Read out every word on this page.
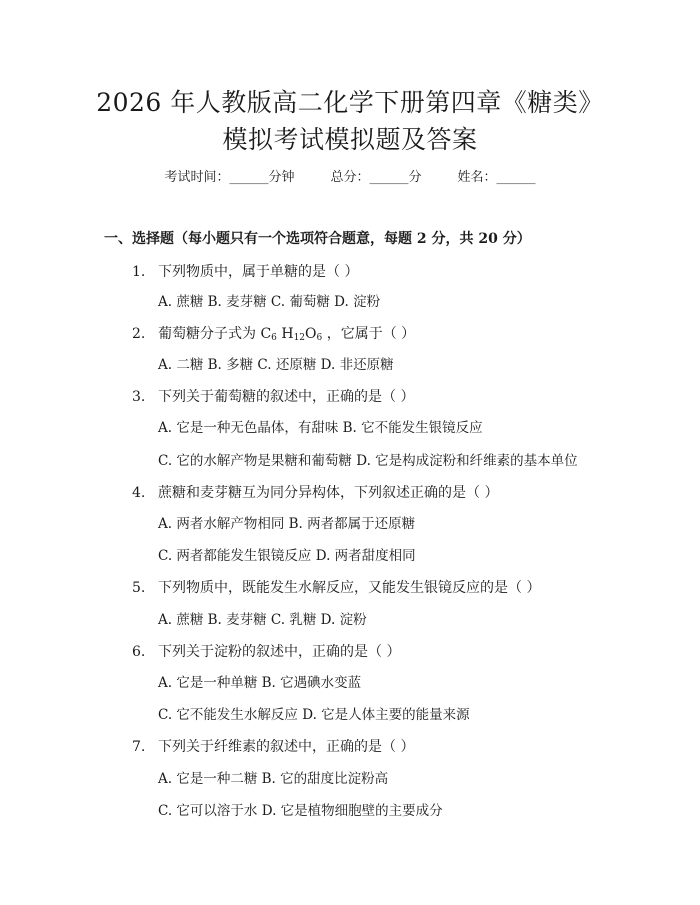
2026 年人教版高二化学下册第四章《糖类》
模拟考试模拟题及答案
考试时间：______分钟	总分：______分	姓名：______
一、选择题（每小题只有一个选项符合题意，每题 2 分，共 20 分）
1. 下列物质中，属于单糖的是（ ）
A. 蔗糖 B. 麦芽糖 C. 葡萄糖 D. 淀粉
2. 葡萄糖分子式为 $C_6$ $H_{12}O_6$ ，它属于（ ）
A. 二糖 B. 多糖 C. 还原糖 D. 非还原糖
3. 下列关于葡萄糖的叙述中，正确的是（ ）
A. 它是一种无色晶体，有甜味 B. 它不能发生银镜反应
C. 它的水解产物是果糖和葡萄糖 D. 它是构成淀粉和纤维素的基本单位
4. 蔗糖和麦芽糖互为同分异构体，下列叙述正确的是（ ）
A. 两者水解产物相同 B. 两者都属于还原糖
C. 两者都能发生银镜反应 D. 两者甜度相同
5. 下列物质中，既能发生水解反应，又能发生银镜反应的是（ ）
A. 蔗糖 B. 麦芽糖 C. 乳糖 D. 淀粉
6. 下列关于淀粉的叙述中，正确的是（ ）
A. 它是一种单糖 B. 它遇碘水变蓝
C. 它不能发生水解反应 D. 它是人体主要的能量来源
7. 下列关于纤维素的叙述中，正确的是（ ）
A. 它是一种二糖 B. 它的甜度比淀粉高
C. 它可以溶于水 D. 它是植物细胞壁的主要成分
